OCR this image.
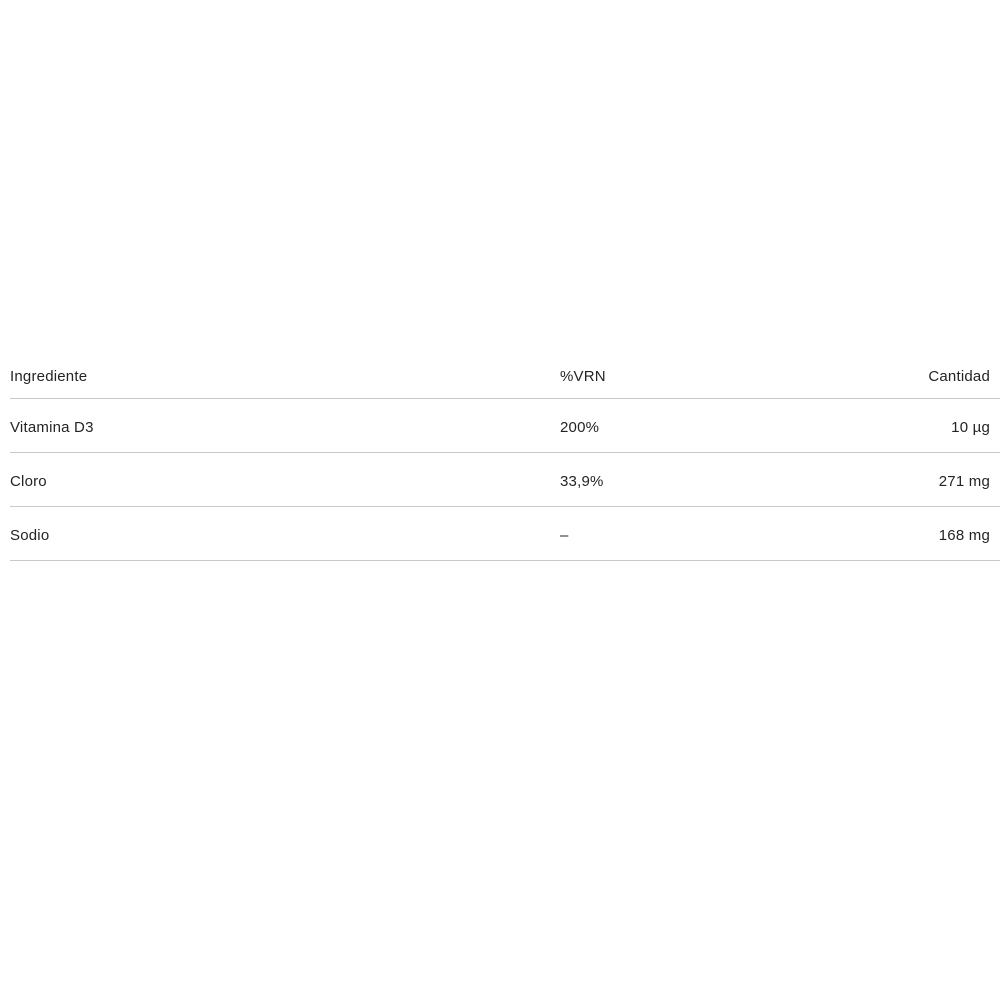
Ingrediente	%VRN	Cantidad
Vitamina D3	200%	10 µg
Cloro	33,9%	271 mg
Sodio	–	168 mg
